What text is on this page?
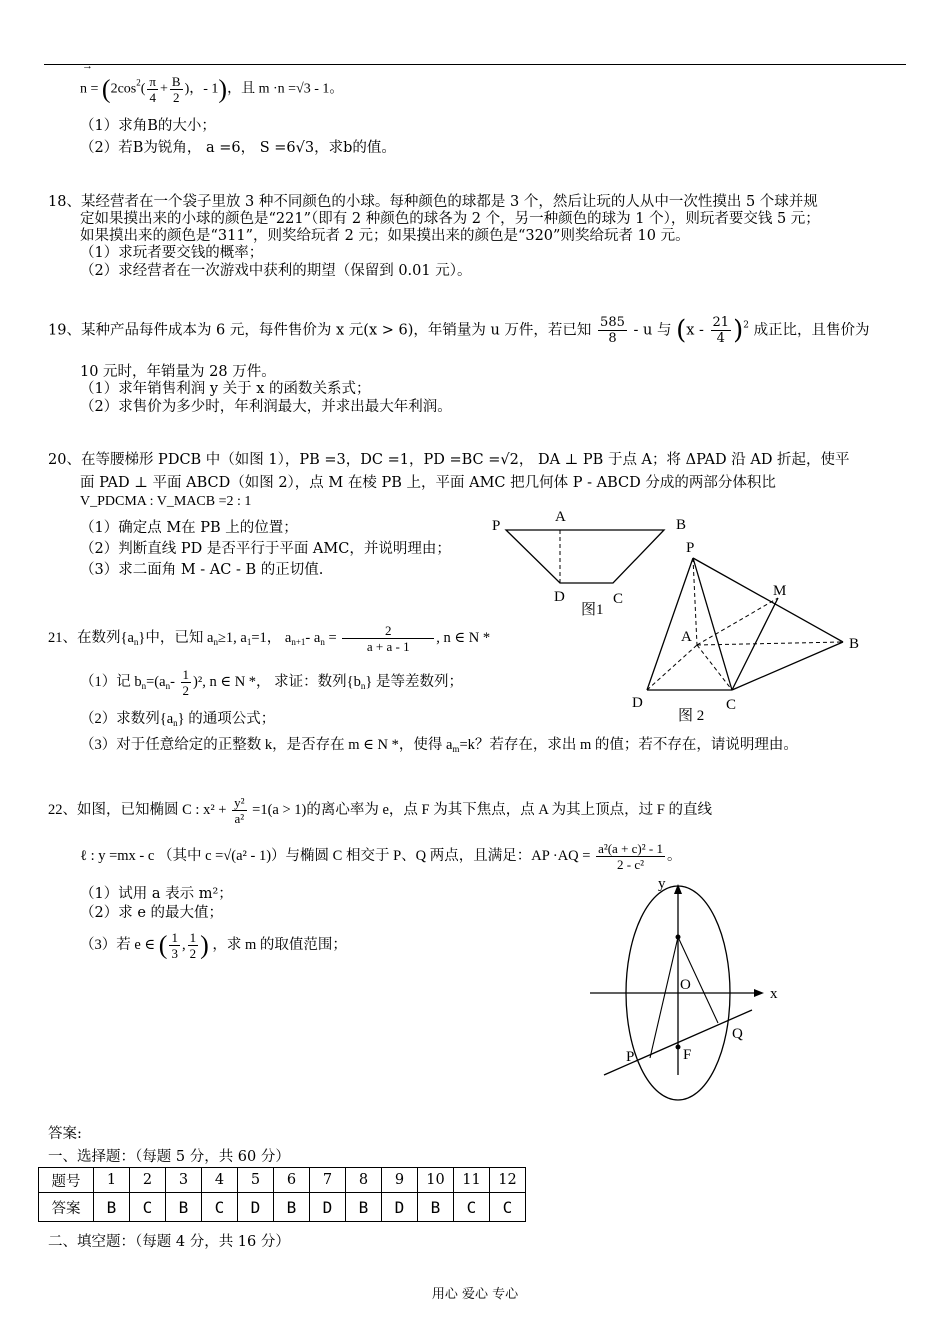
→
$n = (2\cos^2( \frac{\pi}{4} + \frac{B}{2}$ )，- 1)，且 m ·n =√3 - 1。
（1）求角B的大小；
（2）若B为锐角， a =6， S =6√3，求b的值。
18、某经营者在一个袋子里放 3 种不同颜色的小球。每种颜色的球都是 3 个，然后让玩的人从中一次性摸出 5 个球并规
定如果摸出来的小球的颜色是“221”（即有 2 种颜色的球各为 2 个，另一种颜色的球为 1 个），则玩者要交钱 5 元；
如果摸出来的颜色是“311”，则奖给玩者 2 元；如果摸出来的颜色是“320”则奖给玩者 10 元。
（1）求玩者要交钱的概率；
（2）求经营者在一次游戏中获利的期望（保留到 0.01 元）。
19、某种产品每件成本为 6 元，每件售价为 x 元(x > 6)，年销量为 u 万件，若已知 $\frac{585}{8}$ - u 与 $(x - \frac{21}{4} )^2$ 成正比，且售价为
10 元时，年销量为 28 万件。
（1）求年销售利润 y 关于 x 的函数关系式；
（2）求售价为多少时，年利润最大，并求出最大年利润。
20、在等腰梯形 PDCB 中（如图 1），PB =3，DC =1，PD =BC =√2， DA ⊥ PB 于点 A；将 ΔPAD 沿 AD 折起，使平
面 PAD ⊥ 平面 ABCD（如图 2），点 M 在棱 PB 上，平面 AMC 把几何体 P - ABCD 分成的两部分体积比
V_PDCMA : V_MACB =2 : 1
（1）确定点 M在 PB 上的位置；
（2）判断直线 PD 是否平行于平面 AMC，并说明理由；
（3）求二面角 M - AC - B 的正切值.
P
A	B
D	C
图1
P
M
A	B
D	C
图 2
21、在数列$\{a_n\}$中，已知 $a_n\ge 1$, $a_1=1$， $a_{n+1}-$ $a_n = \frac{2}{a + a - 1}$ , n ∈ N *
（1）记 $b_n=(a_n- \frac{1}{2} )^2$, n ∈ N *， 求证：数列$\{b_n\}$ 是等差数列；
（2）求数列$\{a_n\}$ 的通项公式；
（3）对于任意给定的正整数 k，是否存在 m ∈ N *，使得 $a_m=k$？若存在，求出 m 的值；若不存在，请说明理由。
22、如图，已知椭圆 C : $x^2 + \frac{\text{y²}}{\text{a²}} =1(a > 1)$的离心率为 e，点 F 为其下焦点，点 A 为其上顶点，过 F 的直线
ℓ : y =mx - c （其中 c =√(a² - 1)）与椭圆 C 相交于 P、Q 两点，且满足：AP $\cdot AQ = \frac{\text{a²(a + c)² - 1}}{\text{2 - c²}}$ 。
（1）试用 a 表示 m²；
（2）求 e 的最大值；
（3）若 e ∈ ( $\frac{1}{3}$ , $\frac{1}{2}$ ) ，求 m 的取值范围；
y
x
O
Q
P	F
答案:
一、选择题：（每题 5 分，共 60 分）
题号	1	2	3	4	5	6	7	8	9	10	11	12
答案	B	C	B	C	D	B	D	B	D	B	C	C
二、填空题：（每题 4 分，共 16 分）
用心 爱心 专心
